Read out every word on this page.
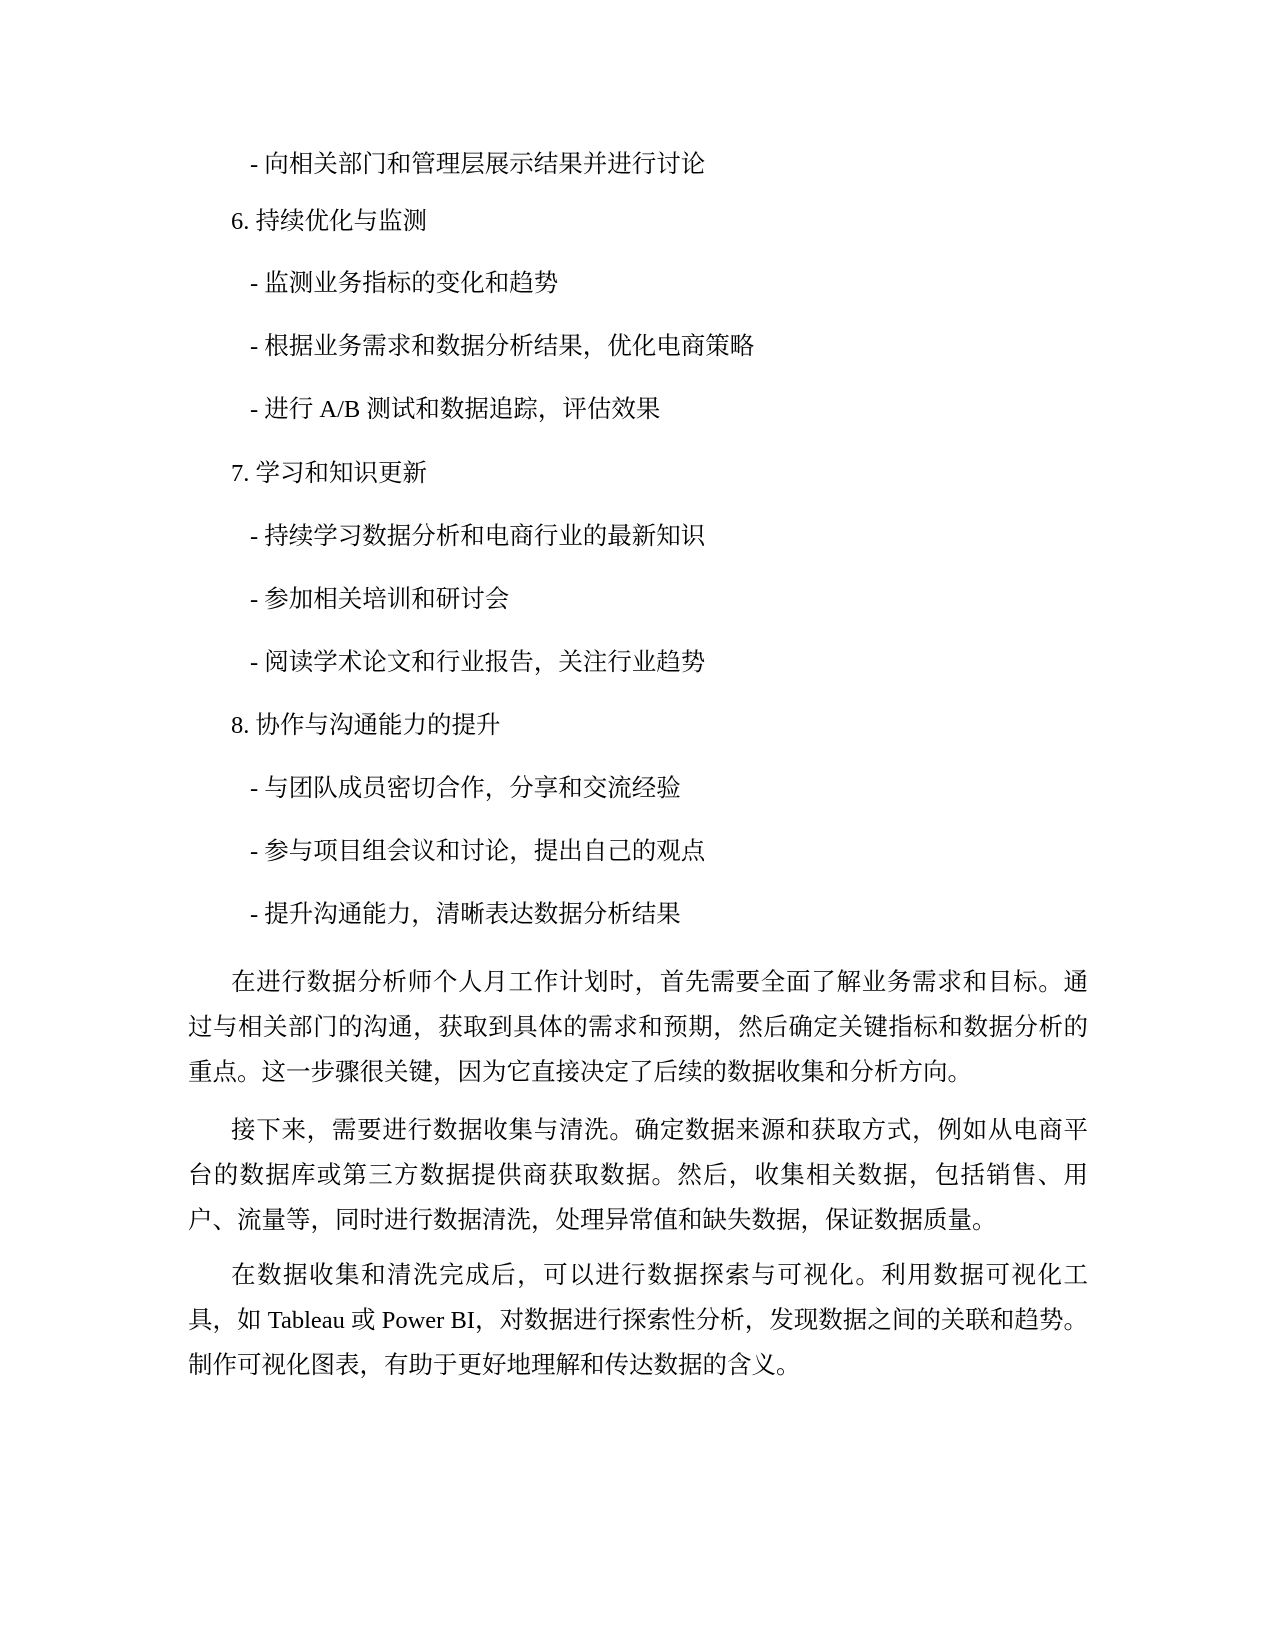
- 向相关部门和管理层展示结果并进行讨论
6. 持续优化与监测
- 监测业务指标的变化和趋势
- 根据业务需求和数据分析结果，优化电商策略
- 进行 A/B 测试和数据追踪，评估效果
7. 学习和知识更新
- 持续学习数据分析和电商行业的最新知识
- 参加相关培训和研讨会
- 阅读学术论文和行业报告，关注行业趋势
8. 协作与沟通能力的提升
- 与团队成员密切合作，分享和交流经验
- 参与项目组会议和讨论，提出自己的观点
- 提升沟通能力，清晰表达数据分析结果

在进行数据分析师个人月工作计划时，首先需要全面了解业务需求和目标。通过与相关部门的沟通，获取到具体的需求和预期，然后确定关键指标和数据分析的重点。这一步骤很关键，因为它直接决定了后续的数据收集和分析方向。

接下来，需要进行数据收集与清洗。确定数据来源和获取方式，例如从电商平台的数据库或第三方数据提供商获取数据。然后，收集相关数据，包括销售、用户、流量等，同时进行数据清洗，处理异常值和缺失数据，保证数据质量。

在数据收集和清洗完成后，可以进行数据探索与可视化。利用数据可视化工具，如 Tableau 或 Power BI，对数据进行探索性分析，发现数据之间的关联和趋势。制作可视化图表，有助于更好地理解和传达数据的含义。
